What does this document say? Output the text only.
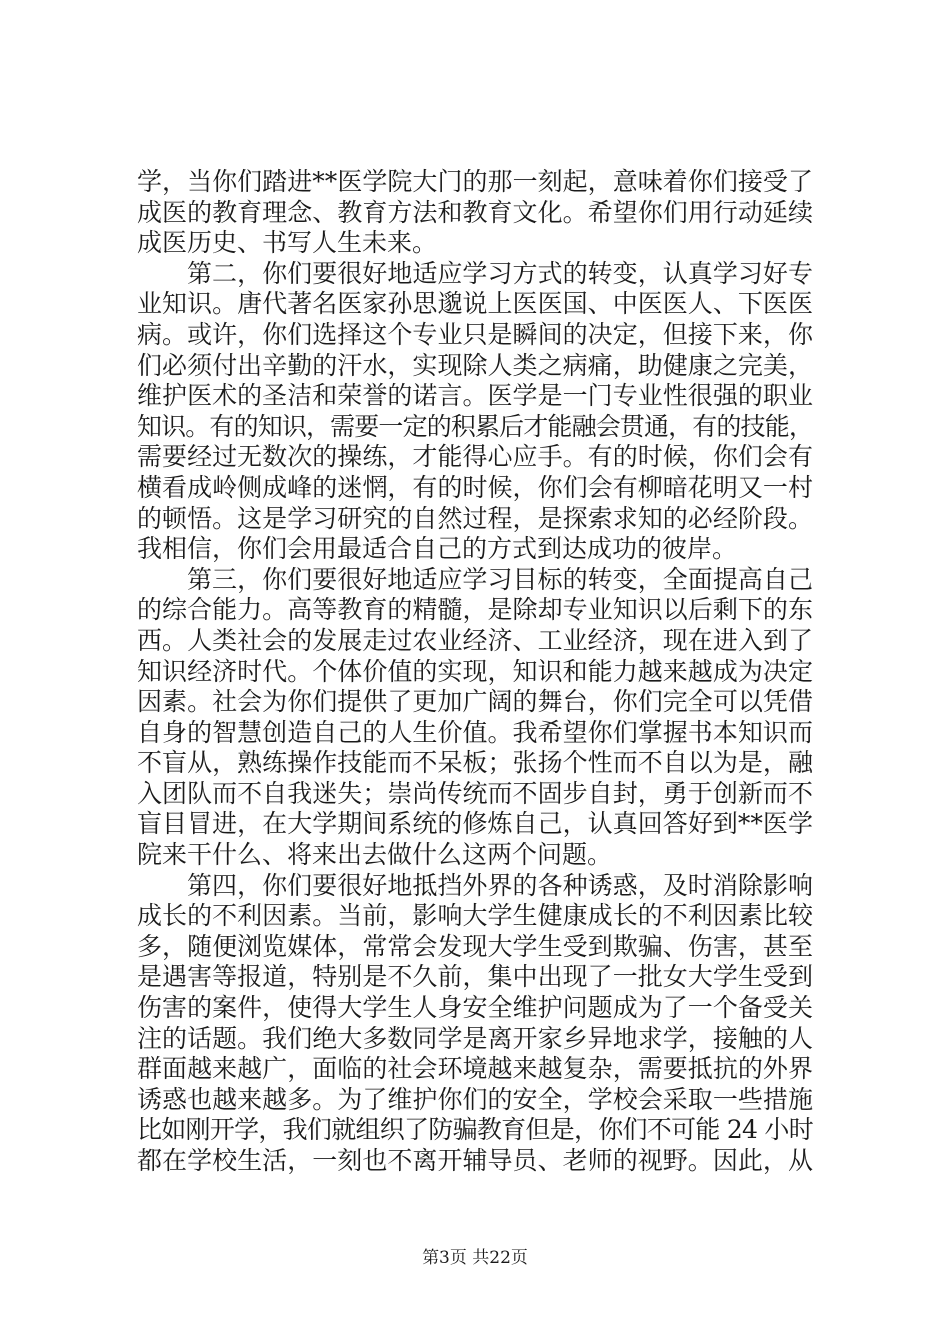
学，当你们踏进**医学院大门的那一刻起，意味着你们接受了
成医的教育理念、教育方法和教育文化。希望你们用行动延续
成医历史、书写人生未来。
第二，你们要很好地适应学习方式的转变，认真学习好专
业知识。唐代著名医家孙思邈说上医医国、中医医人、下医医
病。或许，你们选择这个专业只是瞬间的决定，但接下来，你
们必须付出辛勤的汗水，实现除人类之病痛，助健康之完美，
维护医术的圣洁和荣誉的诺言。医学是一门专业性很强的职业
知识。有的知识，需要一定的积累后才能融会贯通，有的技能，
需要经过无数次的操练，才能得心应手。有的时候，你们会有
横看成岭侧成峰的迷惘，有的时候，你们会有柳暗花明又一村
的顿悟。这是学习研究的自然过程，是探索求知的必经阶段。
我相信，你们会用最适合自己的方式到达成功的彼岸。
第三，你们要很好地适应学习目标的转变，全面提高自己
的综合能力。高等教育的精髓，是除却专业知识以后剩下的东
西。人类社会的发展走过农业经济、工业经济，现在进入到了
知识经济时代。个体价值的实现，知识和能力越来越成为决定
因素。社会为你们提供了更加广阔的舞台，你们完全可以凭借
自身的智慧创造自己的人生价值。我希望你们掌握书本知识而
不盲从，熟练操作技能而不呆板；张扬个性而不自以为是，融
入团队而不自我迷失；崇尚传统而不固步自封，勇于创新而不
盲目冒进，在大学期间系统的修炼自己，认真回答好到**医学
院来干什么、将来出去做什么这两个问题。
第四，你们要很好地抵挡外界的各种诱惑，及时消除影响
成长的不利因素。当前，影响大学生健康成长的不利因素比较
多，随便浏览媒体，常常会发现大学生受到欺骗、伤害，甚至
是遇害等报道，特别是不久前，集中出现了一批女大学生受到
伤害的案件，使得大学生人身安全维护问题成为了一个备受关
注的话题。我们绝大多数同学是离开家乡异地求学，接触的人
群面越来越广，面临的社会环境越来越复杂，需要抵抗的外界
诱惑也越来越多。为了维护你们的安全，学校会采取一些措施
比如刚开学，我们就组织了防骗教育但是，你们不可能 24 小时
都在学校生活，一刻也不离开辅导员、老师的视野。因此，从
第3页 共22页
